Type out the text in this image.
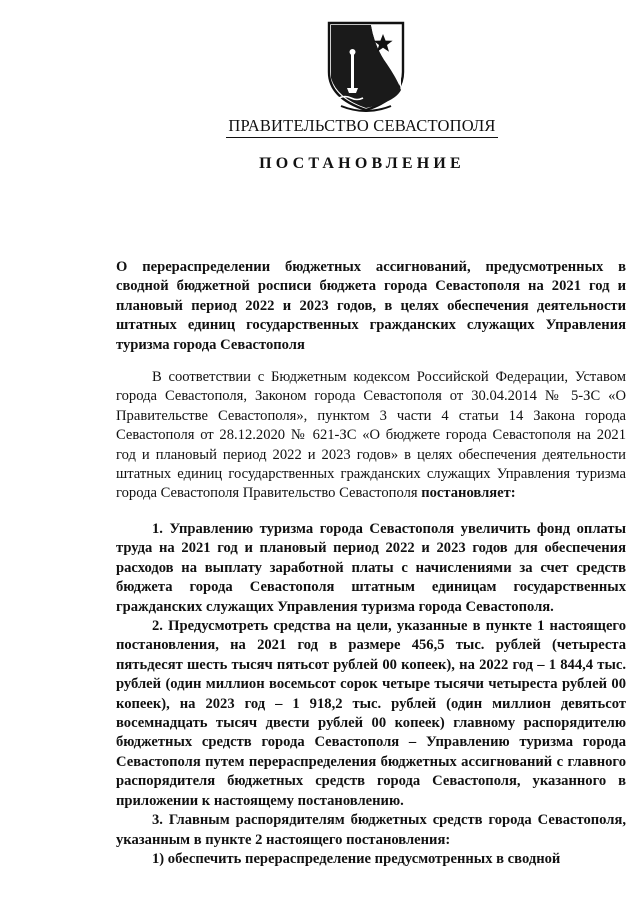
ПРАВИТЕЛЬСТВО СЕВАСТОПОЛЯ
ПОСТАНОВЛЕНИЕ
О перераспределении бюджетных ассигнований, предусмотренных в сводной бюджетной росписи бюджета города Севастополя на 2021 год и плановый период 2022 и 2023 годов, в целях обеспечения деятельности штатных единиц государственных гражданских служащих Управления туризма города Севастополя

В соответствии с Бюджетным кодексом Российской Федерации, Уставом города Севастополя, Законом города Севастополя от 30.04.2014 № 5-ЗС «О Правительстве Севастополя», пунктом 3 части 4 статьи 14 Закона города Севастополя от 28.12.2020 № 621-ЗС «О бюджете города Севастополя на 2021 год и плановый период 2022 и 2023 годов» в целях обеспечения деятельности штатных единиц государственных гражданских служащих Управления туризма города Севастополя Правительство Севастополя постановляет:

1. Управлению туризма города Севастополя увеличить фонд оплаты труда на 2021 год и плановый период 2022 и 2023 годов для обеспечения расходов на выплату заработной платы с начислениями за счет средств бюджета города Севастополя штатным единицам государственных гражданских служащих Управления туризма города Севастополя.

2. Предусмотреть средства на цели, указанные в пункте 1 настоящего постановления, на 2021 год в размере 456,5 тыс. рублей (четыреста пятьдесят шесть тысяч пятьсот рублей 00 копеек), на 2022 год – 1 844,4 тыс. рублей (один миллион восемьсот сорок четыре тысячи четыреста рублей 00 копеек), на 2023 год – 1 918,2 тыс. рублей (один миллион девятьсот восемнадцать тысяч двести рублей 00 копеек) главному распорядителю бюджетных средств города Севастополя – Управлению туризма города Севастополя путем перераспределения бюджетных ассигнований с главного распорядителя бюджетных средств города Севастополя, указанного в приложении к настоящему постановлению.

3. Главным распорядителям бюджетных средств города Севастополя, указанным в пункте 2 настоящего постановления:

1) обеспечить перераспределение предусмотренных в сводной
